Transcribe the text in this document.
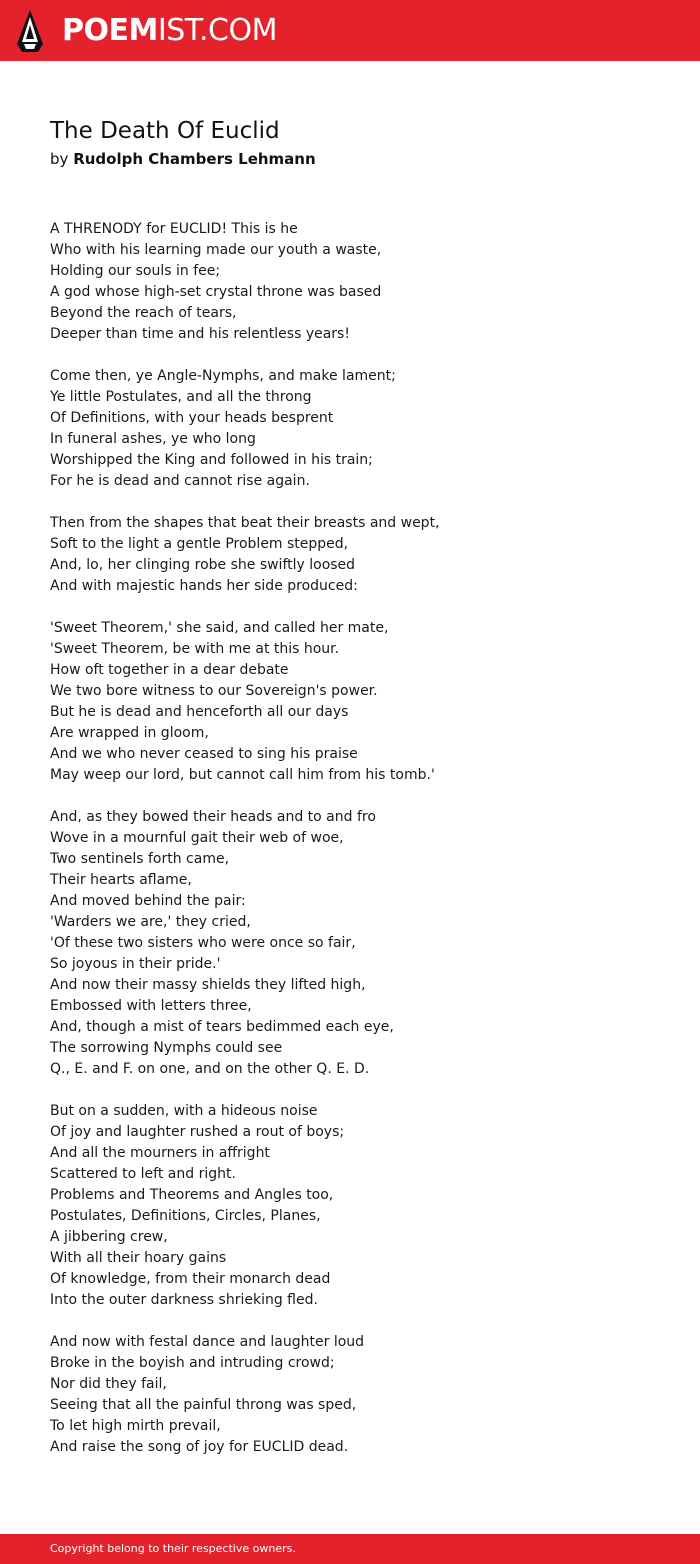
POEMIST.COM
The Death Of Euclid
by Rudolph Chambers Lehmann
A THRENODY for EUCLID! This is he
Who with his learning made our youth a waste,
Holding our souls in fee;
A god whose high-set crystal throne was based
Beyond the reach of tears,
Deeper than time and his relentless years!
Come then, ye Angle-Nymphs, and make lament;
Ye little Postulates, and all the throng
Of Definitions, with your heads besprent
In funeral ashes, ye who long
Worshipped the King and followed in his train;
For he is dead and cannot rise again.
Then from the shapes that beat their breasts and wept,
Soft to the light a gentle Problem stepped,
And, lo, her clinging robe she swiftly loosed
And with majestic hands her side produced:
'Sweet Theorem,' she said, and called her mate,
'Sweet Theorem, be with me at this hour.
How oft together in a dear debate
We two bore witness to our Sovereign's power.
But he is dead and henceforth all our days
Are wrapped in gloom,
And we who never ceased to sing his praise
May weep our lord, but cannot call him from his tomb.'
And, as they bowed their heads and to and fro
Wove in a mournful gait their web of woe,
Two sentinels forth came,
Their hearts aflame,
And moved behind the pair:
'Warders we are,' they cried,
'Of these two sisters who were once so fair,
So joyous in their pride.'
And now their massy shields they lifted high,
Embossed with letters three,
And, though a mist of tears bedimmed each eye,
The sorrowing Nymphs could see
Q., E. and F. on one, and on the other Q. E. D.
But on a sudden, with a hideous noise
Of joy and laughter rushed a rout of boys;
And all the mourners in affright
Scattered to left and right.
Problems and Theorems and Angles too,
Postulates, Definitions, Circles, Planes,
A jibbering crew,
With all their hoary gains
Of knowledge, from their monarch dead
Into the outer darkness shrieking fled.
And now with festal dance and laughter loud
Broke in the boyish and intruding crowd;
Nor did they fail,
Seeing that all the painful throng was sped,
To let high mirth prevail,
And raise the song of joy for EUCLID dead.
Copyright belong to their respective owners.
